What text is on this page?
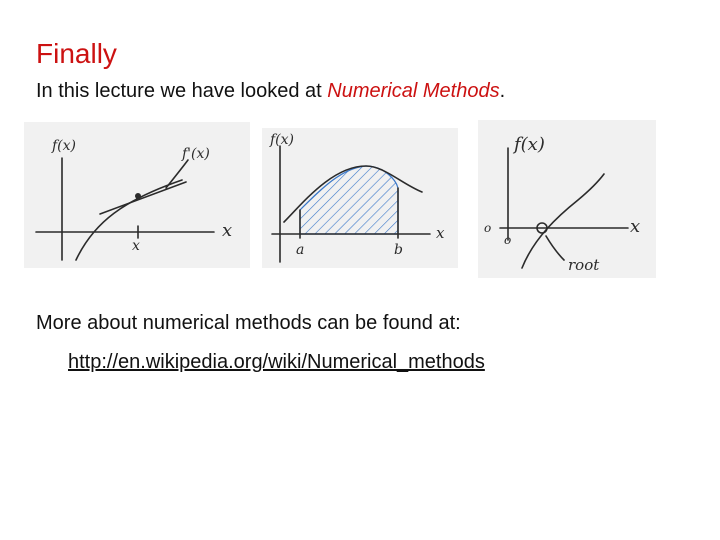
Finally
In this lecture we have looked at Numerical Methods.
f(x)	f'(x)
x
x
f(x)
a	b
x
f(x)
o
o
x
root
More about numerical methods can be found at:
http://en.wikipedia.org/wiki/Numerical_methods
